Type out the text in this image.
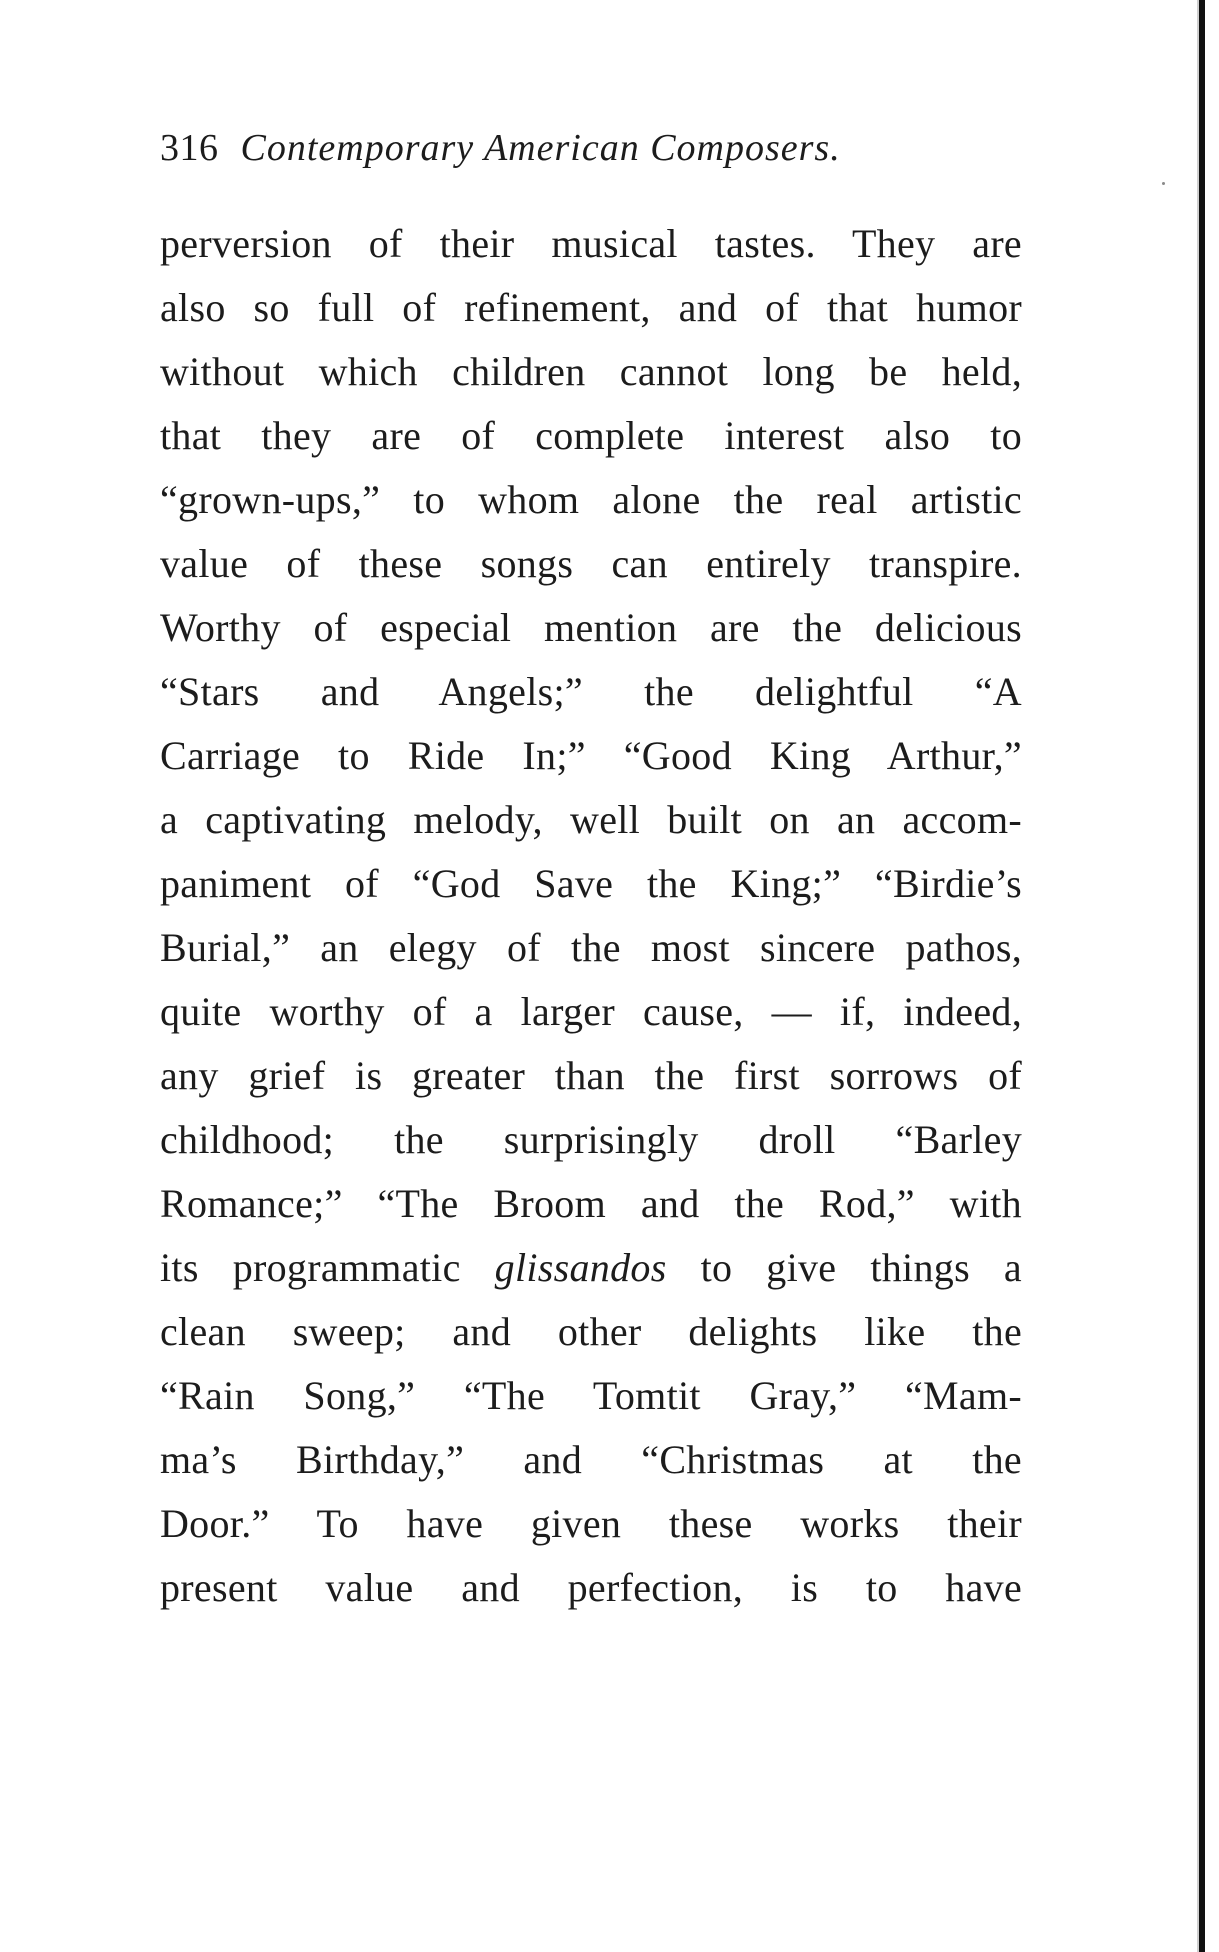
316 Contemporary American Composers.
perversion of their musical tastes. They are
also so full of refinement, and of that humor
without which children cannot long be held,
that they are of complete interest also to
“grown-ups,” to whom alone the real artistic
value of these songs can entirely transpire.
Worthy of especial mention are the delicious
“Stars and Angels;” the delightful “A
Carriage to Ride In;” “Good King Arthur,”
a captivating melody, well built on an accom-
paniment of “God Save the King;” “Birdie’s
Burial,” an elegy of the most sincere pathos,
quite worthy of a larger cause, — if, indeed,
any grief is greater than the first sorrows of
childhood; the surprisingly droll “Barley
Romance;” “The Broom and the Rod,” with
its programmatic glissandos to give things a
clean sweep; and other delights like the
“Rain Song,” “The Tomtit Gray,” “Mam-
ma’s Birthday,” and “Christmas at the
Door.” To have given these works their
present value and perfection, is to have
